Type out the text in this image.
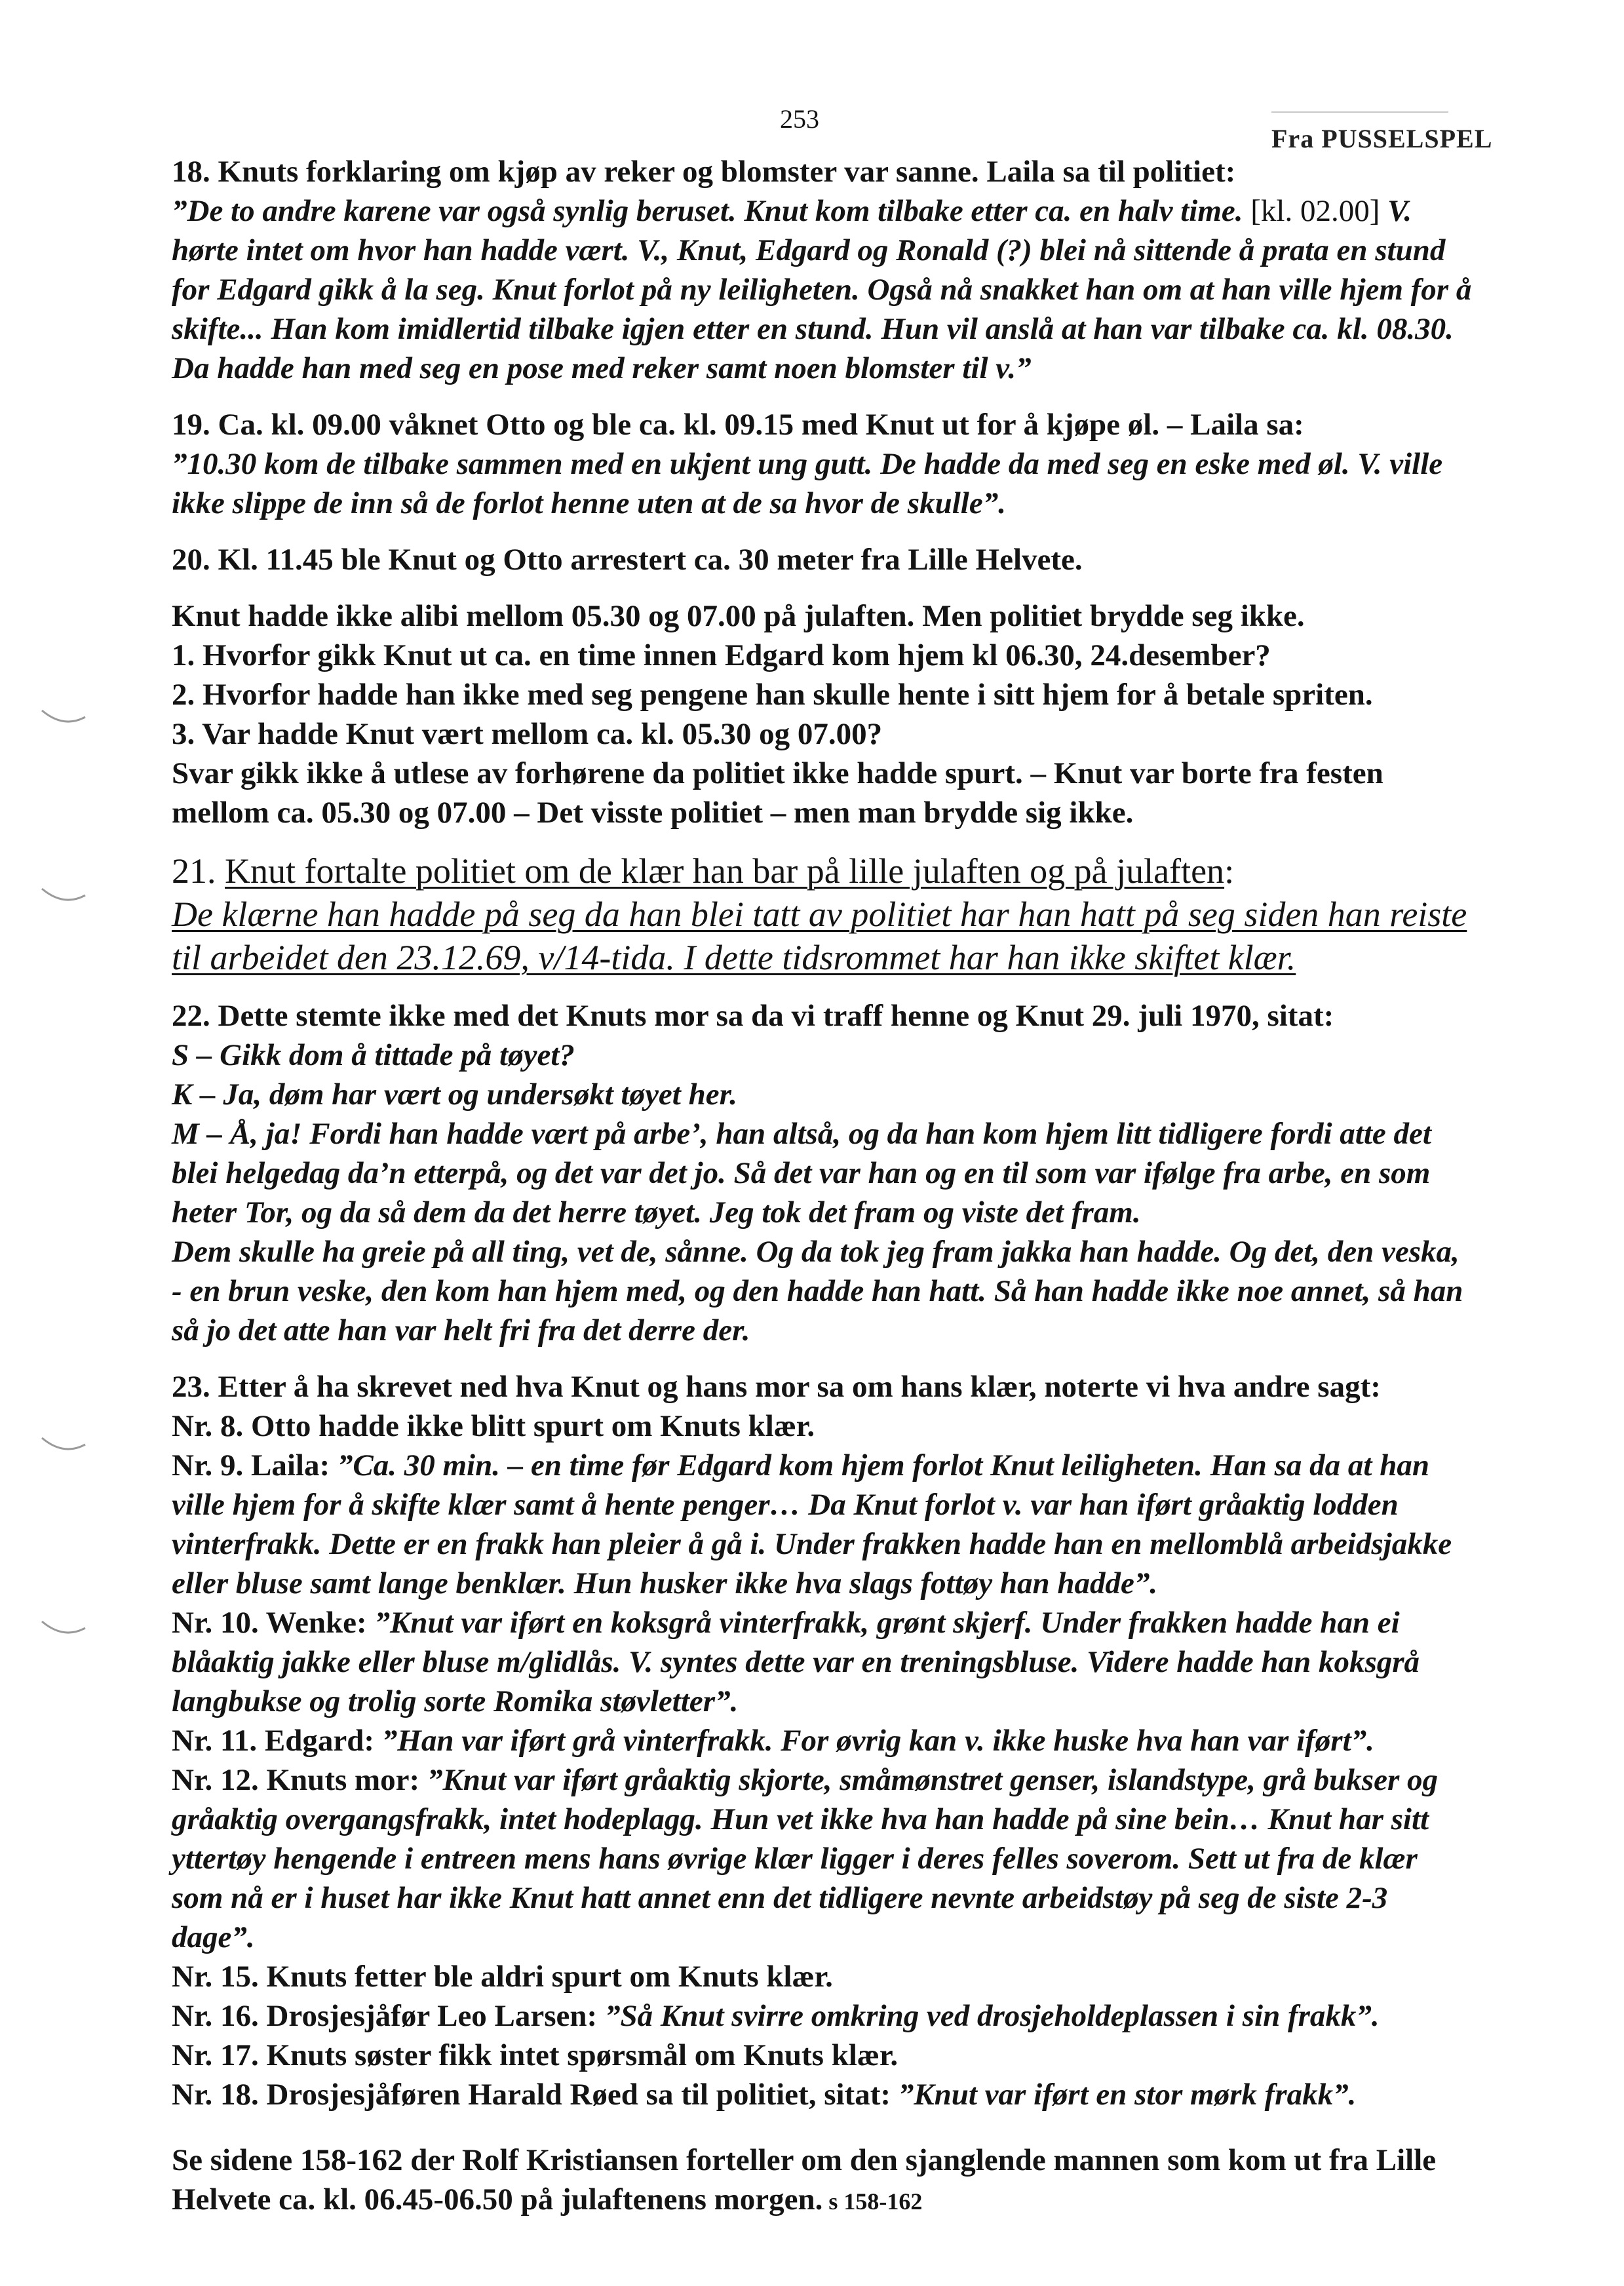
253
Fra PUSSELSPEL

18. Knuts forklaring om kjøp av reker og blomster var sanne. Laila sa til politiet:
”De to andre karene var også synlig beruset. Knut kom tilbake etter ca. en halv time. [kl. 02.00] V. hørte intet om hvor han hadde vært. V., Knut, Edgard og Ronald (?) blei nå sittende å prata en stund for Edgard gikk å la seg. Knut forlot på ny leiligheten. Også nå snakket han om at han ville hjem for å skifte... Han kom imidlertid tilbake igjen etter en stund. Hun vil anslå at han var tilbake ca. kl. 08.30. Da hadde han med seg en pose med reker samt noen blomster til v.”

19. Ca. kl. 09.00 våknet Otto og ble ca. kl. 09.15 med Knut ut for å kjøpe øl. – Laila sa:
”10.30 kom de tilbake sammen med en ukjent ung gutt. De hadde da med seg en eske med øl. V. ville ikke slippe de inn så de forlot henne uten at de sa hvor de skulle”.

20. Kl. 11.45 ble Knut og Otto arrestert ca. 30 meter fra Lille Helvete.

Knut hadde ikke alibi mellom 05.30 og 07.00 på julaften. Men politiet brydde seg ikke.
1. Hvorfor gikk Knut ut ca. en time innen Edgard kom hjem kl 06.30, 24.desember?
2. Hvorfor hadde han ikke med seg pengene han skulle hente i sitt hjem for å betale spriten.
3. Var hadde Knut vært mellom ca. kl. 05.30 og 07.00?
Svar gikk ikke å utlese av forhørene da politiet ikke hadde spurt. – Knut var borte fra festen mellom ca. 05.30 og 07.00 – Det visste politiet – men man brydde sig ikke.

21. Knut fortalte politiet om de klær han bar på lille julaften og på julaften:
De klærne han hadde på seg da han blei tatt av politiet har han hatt på seg siden han reiste til arbeidet den 23.12.69, v/14-tida. I dette tidsrommet har han ikke skiftet klær.

22. Dette stemte ikke med det Knuts mor sa da vi traff henne og Knut 29. juli 1970, sitat:
S – Gikk dom å tittade på tøyet?
K – Ja, døm har vært og undersøkt tøyet her.
M – Å, ja! Fordi han hadde vært på arbe’, han altså, og da han kom hjem litt tidligere fordi atte det blei helgedag da’n etterpå, og det var det jo. Så det var han og en til som var ifølge fra arbe, en som heter Tor, og da så dem da det herre tøyet. Jeg tok det fram og viste det fram.
Dem skulle ha greie på all ting, vet de, sånne. Og da tok jeg fram jakka han hadde. Og det, den veska, - en brun veske, den kom han hjem med, og den hadde han hatt. Så han hadde ikke noe annet, så han så jo det atte han var helt fri fra det derre der.
23. Etter å ha skrevet ned hva Knut og hans mor sa om hans klær, noterte vi hva andre sagt:
Nr. 8. Otto hadde ikke blitt spurt om Knuts klær.
Nr. 9. Laila: ”Ca. 30 min. – en time før Edgard kom hjem forlot Knut leiligheten. Han sa da at han ville hjem for å skifte klær samt å hente penger… Da Knut forlot v. var han iført gråaktig lodden vinterfrakk. Dette er en frakk han pleier å gå i. Under frakken hadde han en mellomblå arbeidsjakke eller bluse samt lange benklær. Hun husker ikke hva slags fottøy han hadde”.
Nr. 10. Wenke: ”Knut var iført en koksgrå vinterfrakk, grønt skjerf. Under frakken hadde han ei blåaktig jakke eller bluse m/glidlås. V. syntes dette var en treningsbluse. Videre hadde han koksgrå langbukse og trolig sorte Romika støvletter”.
Nr. 11. Edgard: ”Han var iført grå vinterfrakk. For øvrig kan v. ikke huske hva han var iført”.
Nr. 12. Knuts mor: ”Knut var iført gråaktig skjorte, småmønstret genser, islandstype, grå bukser og gråaktig overgangsfrakk, intet hodeplagg. Hun vet ikke hva han hadde på sine bein… Knut har sitt yttertøy hengende i entreen mens hans øvrige klær ligger i deres felles soverom. Sett ut fra de klær som nå er i huset har ikke Knut hatt annet enn det tidligere nevnte arbeidstøy på seg de siste 2-3 dage”.
Nr. 15. Knuts fetter ble aldri spurt om Knuts klær.
Nr. 16. Drosjesjåfør Leo Larsen: ”Så Knut svirre omkring ved drosjeholdeplassen i sin frakk”.
Nr. 17. Knuts søster fikk intet spørsmål om Knuts klær.
Nr. 18. Drosjesjåføren Harald Røed sa til politiet, sitat: ”Knut var iført en stor mørk frakk”.

Se sidene 158-162 der Rolf Kristiansen forteller om den sjanglende mannen som kom ut fra Lille Helvete ca. kl. 06.45-06.50 på julaftenens morgen. s 158-162
